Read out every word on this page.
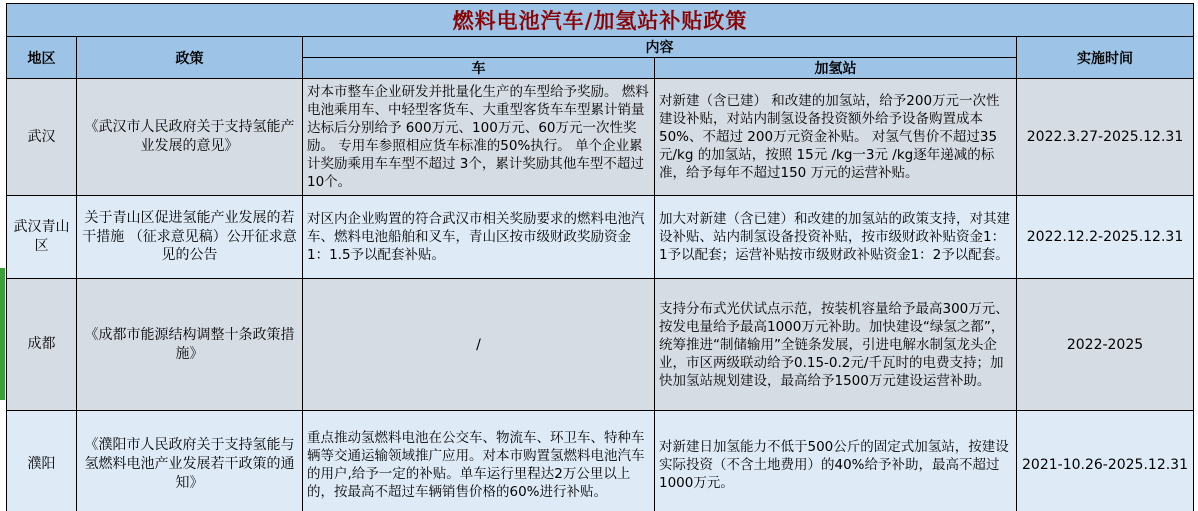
燃料电池汽车/加氢站补贴政策				
地区	政策	内容		实施时间
		车	加氢站	
武汉	《武汉市人民政府关于支持氢能产业发展的意见》	对本市整车企业研发并批量化生产的车型给予奖励。 燃料电池乘用车、中轻型客货车、大重型客货车车型累计销量达标后分别给予 600万元、100万元、60万元一次性奖励。 专用车参照相应货车标准的50%执行。 单个企业累计奖励乘用车车型不超过 3个，累计奖励其他车型不超过 10个。	对新建（含已建） 和改建的加氢站，给予200万元一次性建设补贴，对站内制氢设备投资额外给予设备购置成本50%、不超过 200万元资金补贴。 对氢气售价不超过35元/kg 的加氢站，按照 15元 /kg一3元 /kg逐年递减的标准，给予每年不超过150 万元的运营补贴。	2022.3.27-2025.12.31
武汉青山区	关于青山区促进氢能产业发展的若干措施 （征求意见稿）公开征求意见的公告	对区内企业购置的符合武汉市相关奖励要求的燃料电池汽车、燃料电池船舶和叉车，青山区按市级财政奖励资金1：1.5予以配套补贴。	加大对新建（含已建）和改建的加氢站的政策支持，对其建设补贴、站内制氢设备投资补贴，按市级财政补贴资金1：1予以配套；运营补贴按市级财政补贴资金1：2予以配套。	2022.12.2-2025.12.31
成都	《成都市能源结构调整十条政策措施》	/	支持分布式光伏试点示范，按装机容量给予最高300万元、按发电量给予最高1000万元补助。加快建设“绿氢之都”，统筹推进“制储输用”全链条发展，引进电解水制氢龙头企业，市区两级联动给予0.15-0.2元/千瓦时的电费支持；加快加氢站规划建设，最高给予1500万元建设运营补助。	2022-2025
濮阳	《濮阳市人民政府关于支持氢能与氢燃料电池产业发展若干政策的通知》	重点推动氢燃料电池在公交车、物流车、环卫车、特种车辆等交通运输领域推广应用。对本市购置氢燃料电池汽车的用户,给予一定的补贴。单车运行里程达2万公里以上的，按最高不超过车辆销售价格的60%进行补贴。	对新建日加氢能力不低于500公斤的固定式加氢站，按建设实际投资（不含土地费用）的40%给予补助，最高不超过1000万元。	2021-10.26-2025.12.31
